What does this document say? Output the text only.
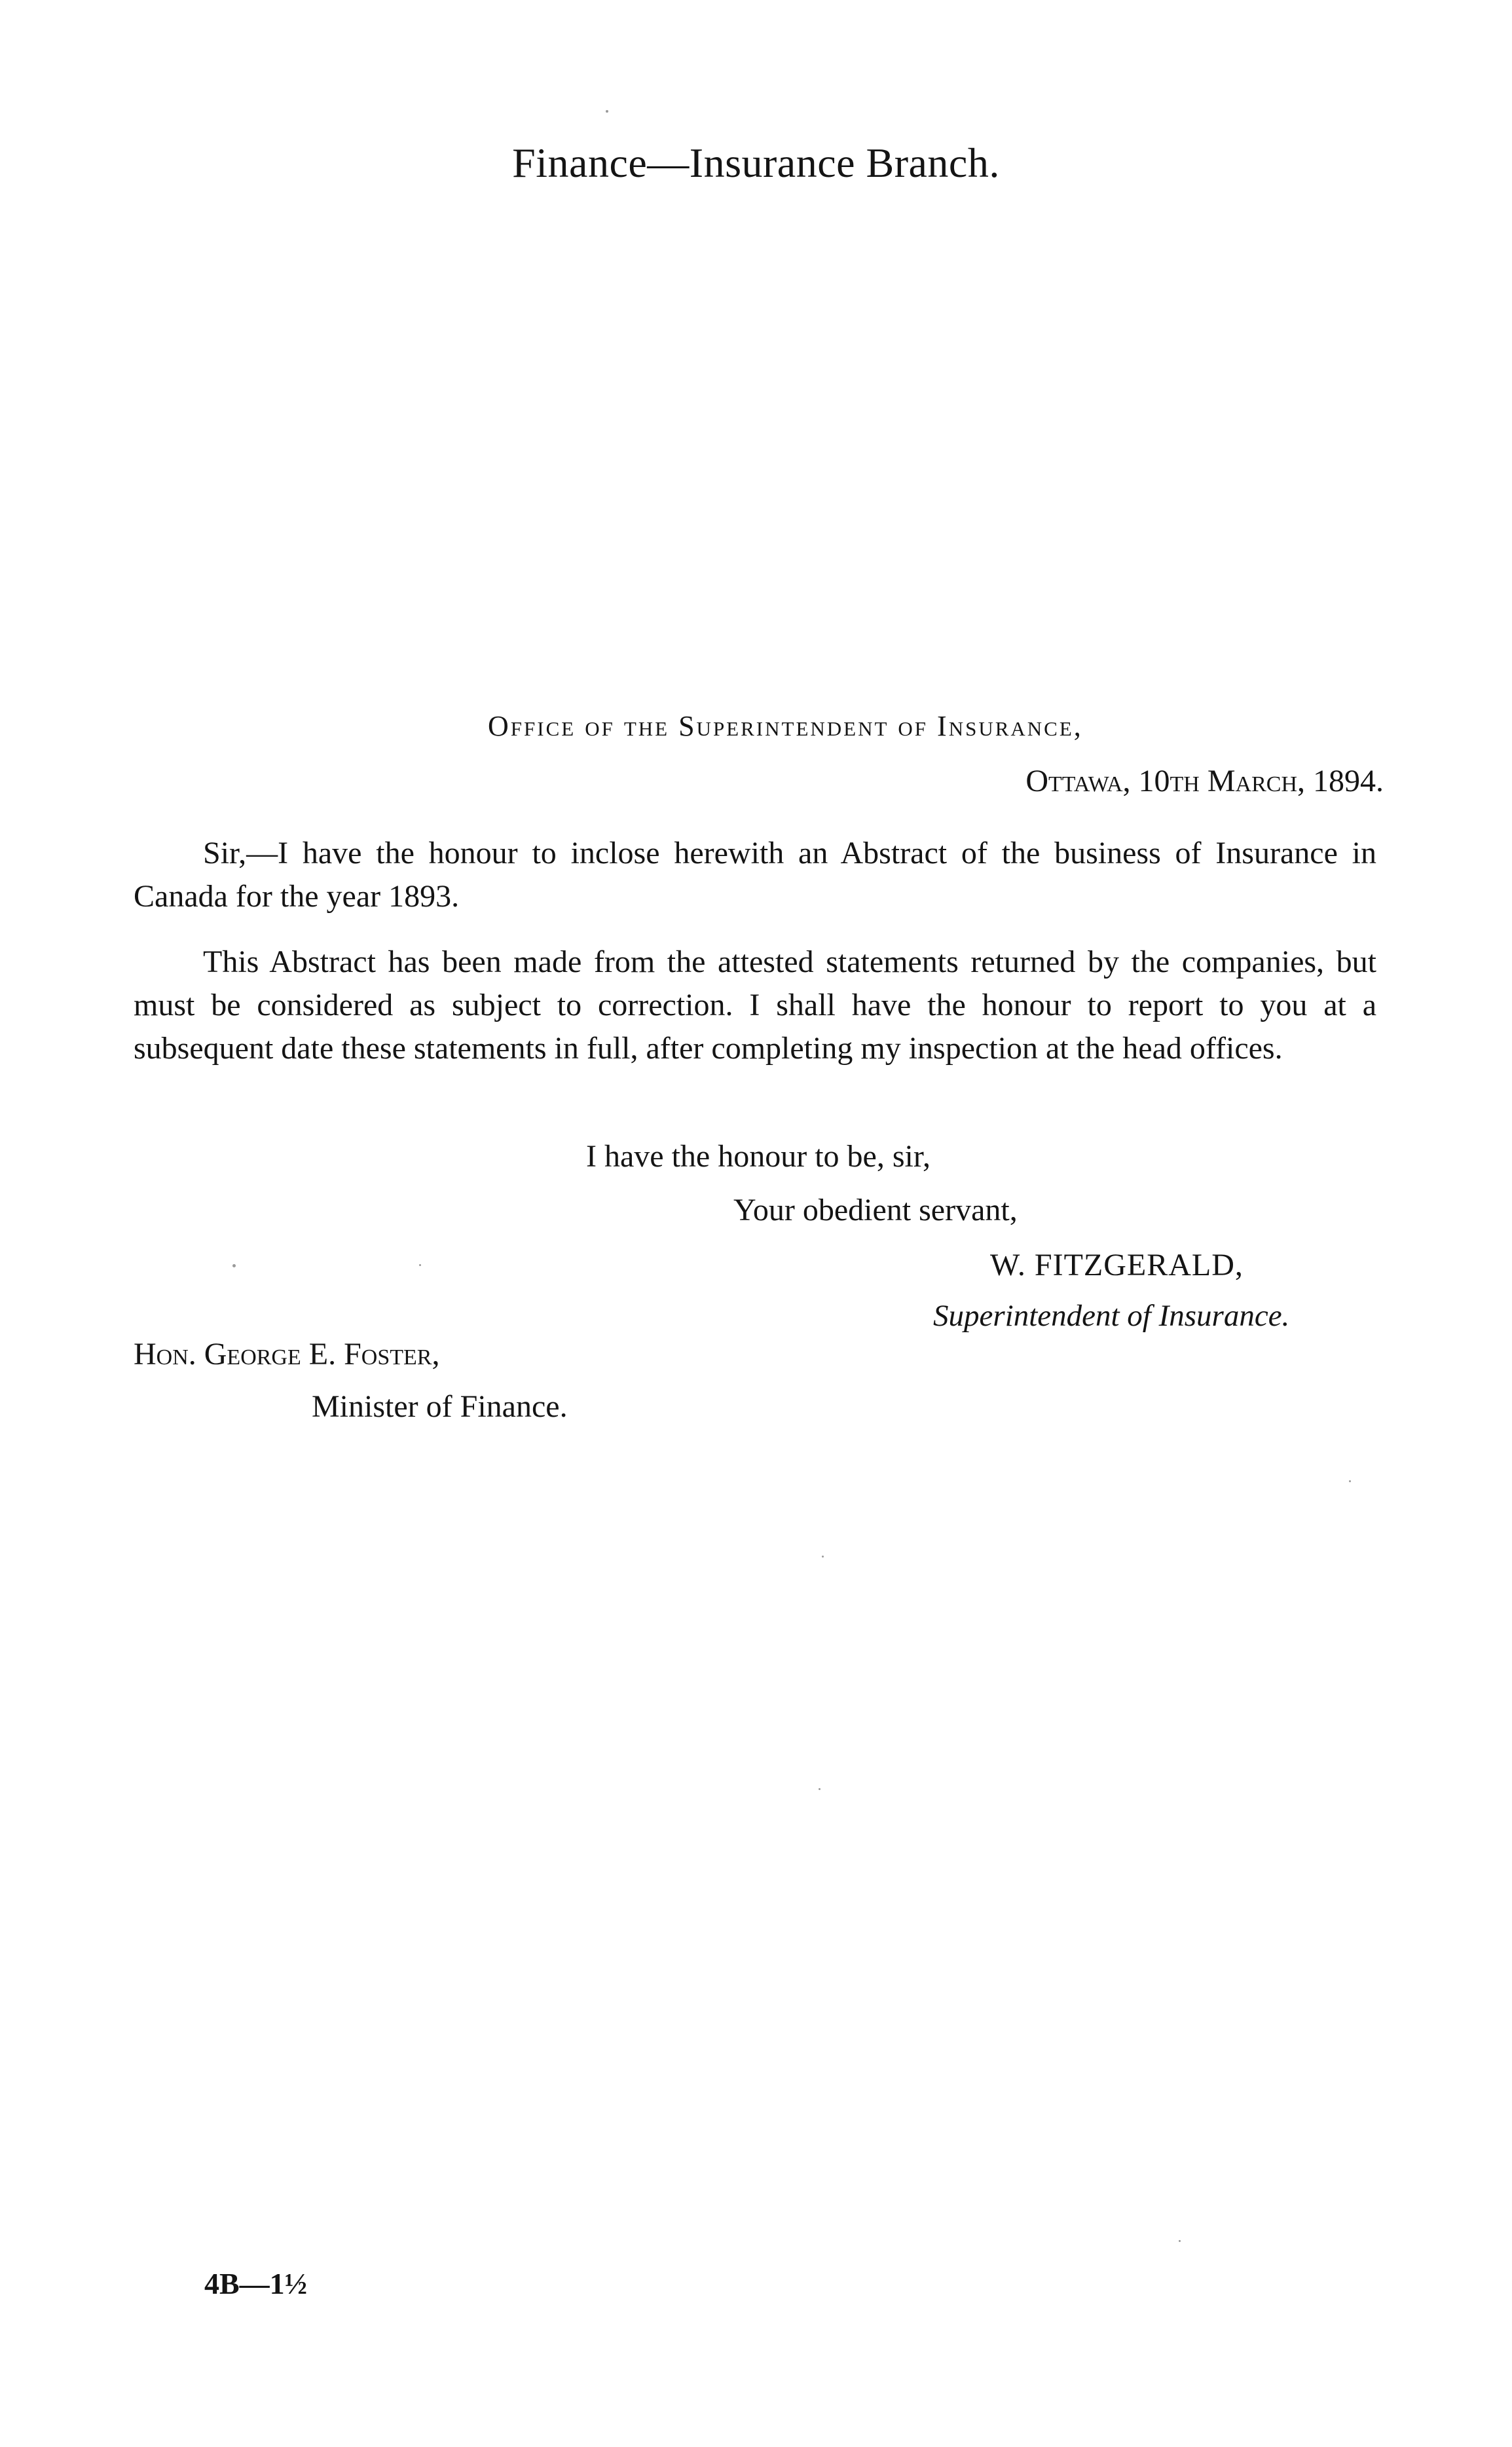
Finance—Insurance Branch.
Office of the Superintendent of Insurance,
Ottawa, 10th March, 1894.

Sir,—I have the honour to inclose herewith an Abstract of the business of Insurance in Canada for the year 1893.

This Abstract has been made from the attested statements returned by the companies, but must be considered as subject to correction. I shall have the honour to report to you at a subsequent date these statements in full, after completing my inspection at the head offices.

I have the honour to be, sir,
Your obedient servant,
W. FITZGERALD,
Superintendent of Insurance.
Hon. George E. Foster,
Minister of Finance.
4B—1½
